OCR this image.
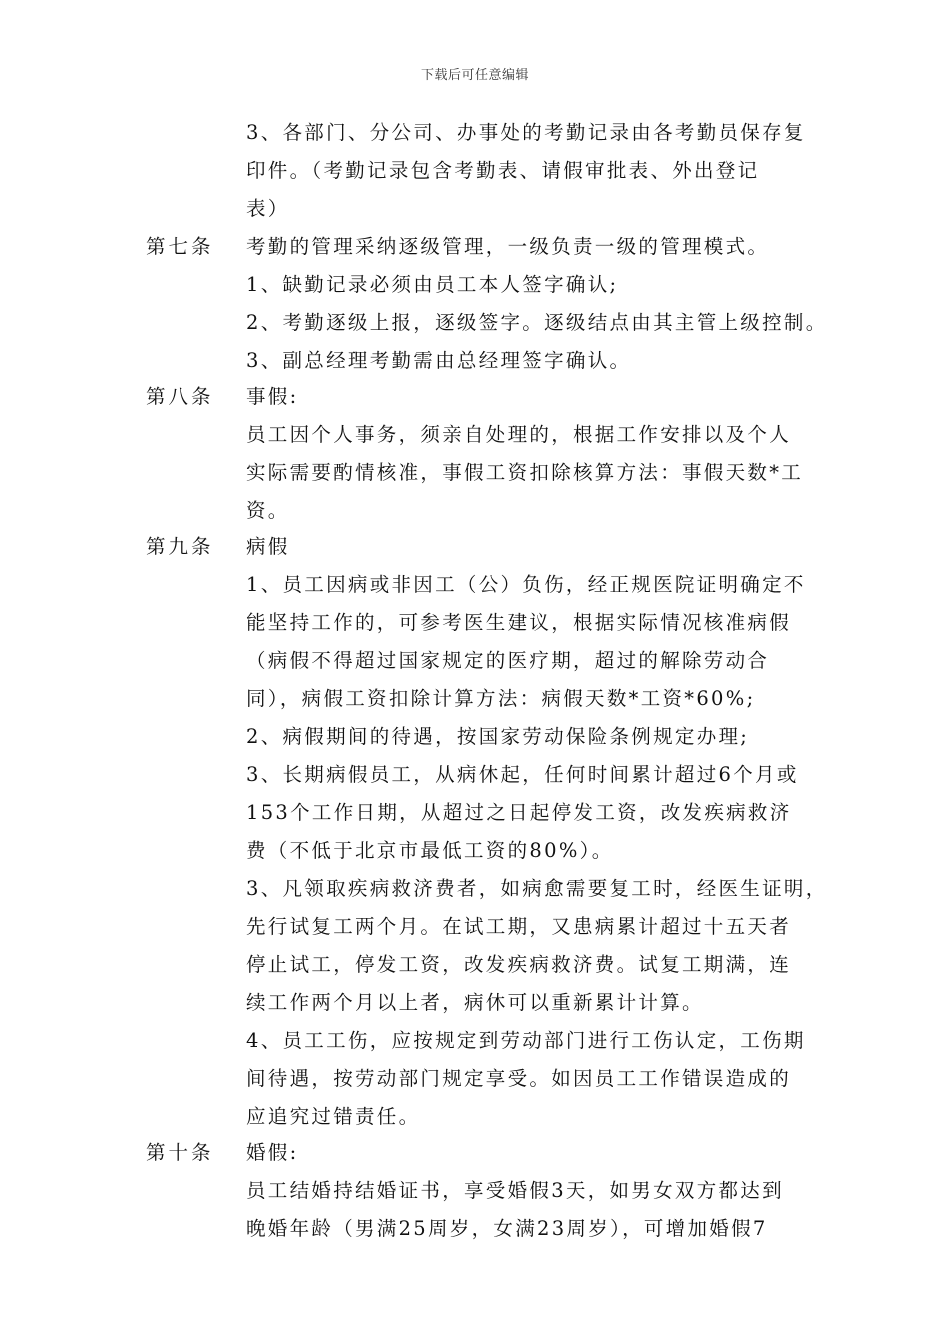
下载后可任意编辑
3、各部门、分公司、办事处的考勤记录由各考勤员保存复
印件。（考勤记录包含考勤表、请假审批表、外出登记
表）
第七条 考勤的管理采纳逐级管理，一级负责一级的管理模式。
1、缺勤记录必须由员工本人签字确认;
2、考勤逐级上报，逐级签字。逐级结点由其主管上级控制。
3、副总经理考勤需由总经理签字确认。
第八条 事假:
员工因个人事务，须亲自处理的，根据工作安排以及个人
实际需要酌情核准，事假工资扣除核算方法：事假天数*工
资。
第九条 病假
1、员工因病或非因工（公）负伤，经正规医院证明确定不
能坚持工作的，可参考医生建议，根据实际情况核准病假
（病假不得超过国家规定的医疗期，超过的解除劳动合
同），病假工资扣除计算方法：病假天数*工资*60%;
2、病假期间的待遇，按国家劳动保险条例规定办理;
3、长期病假员工，从病休起，任何时间累计超过6个月或
153个工作日期，从超过之日起停发工资，改发疾病救济
费（不低于北京市最低工资的80%）。
3、凡领取疾病救济费者，如病愈需要复工时，经医生证明，
先行试复工两个月。在试工期，又患病累计超过十五天者
停止试工，停发工资，改发疾病救济费。试复工期满，连
续工作两个月以上者，病休可以重新累计计算。
4、员工工伤，应按规定到劳动部门进行工伤认定，工伤期
间待遇，按劳动部门规定享受。如因员工工作错误造成的
应追究过错责任。
第十条 婚假:
员工结婚持结婚证书，享受婚假3天，如男女双方都达到
晚婚年龄（男满25周岁，女满23周岁），可增加婚假7
